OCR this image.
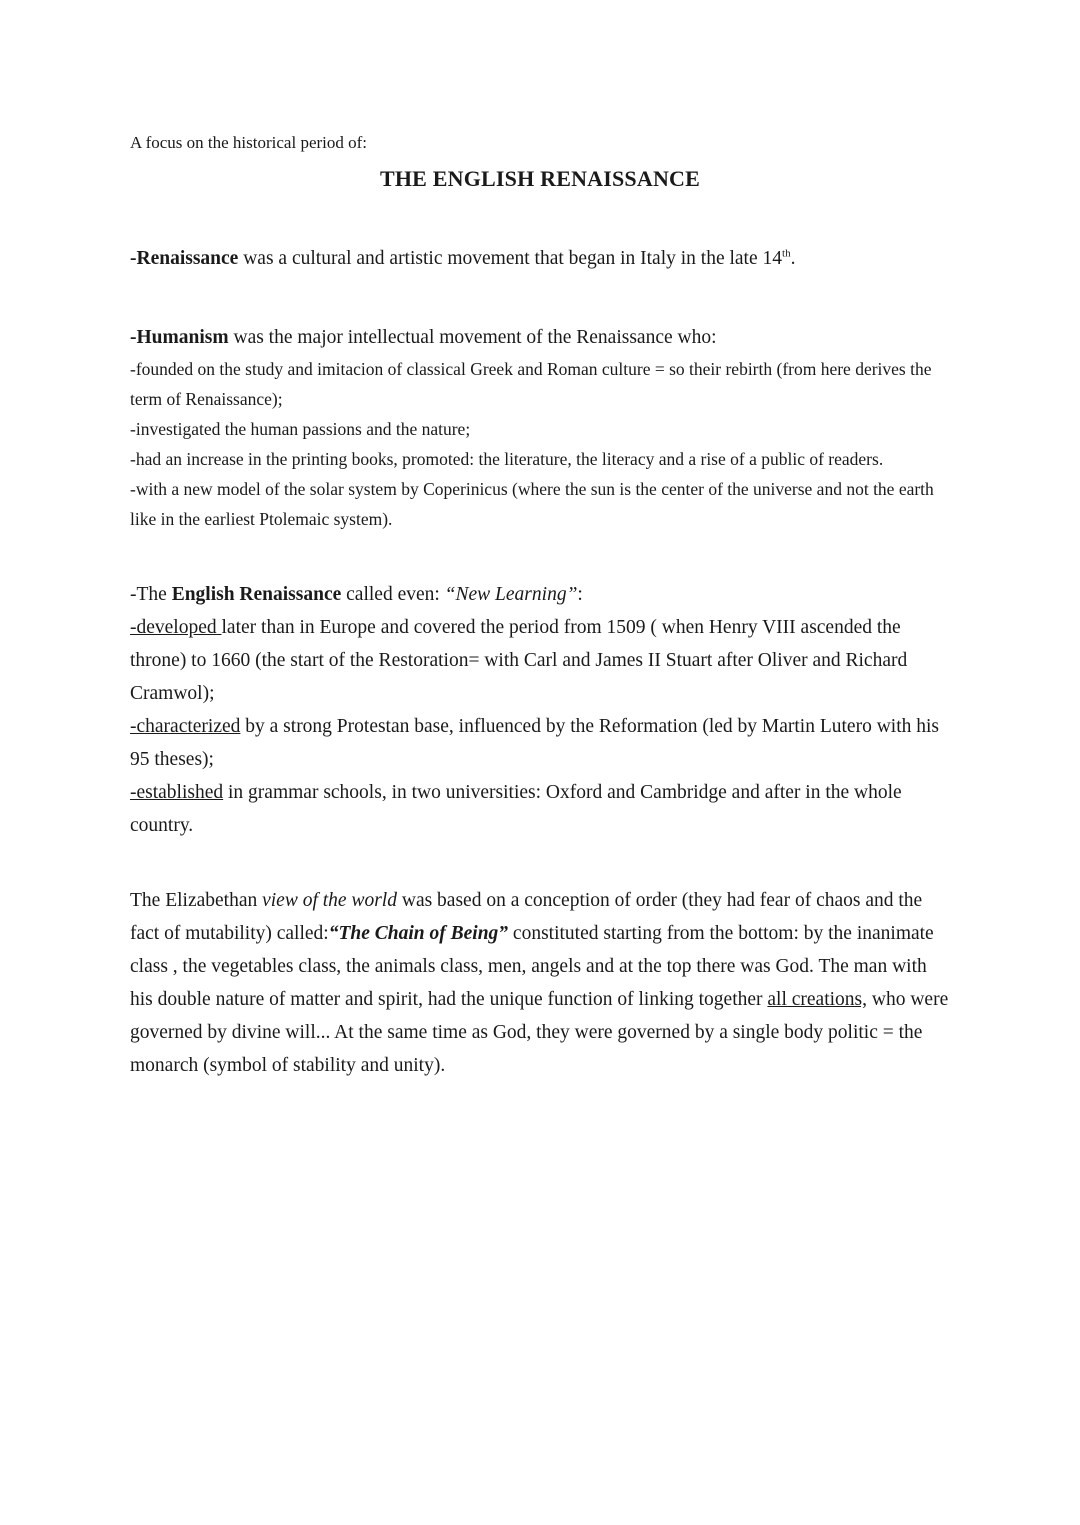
A focus on the historical period of:

THE ENGLISH RENAISSANCE

-Renaissance was a cultural and artistic movement that began in Italy in the late 14th.

-Humanism was the major intellectual movement of the Renaissance who:

-founded on the study and imitacion of classical Greek and Roman culture = so their rebirth (from here derives the term of Renaissance);

-investigated the human passions and the nature;

-had an increase in the printing books, promoted: the literature, the literacy and a rise of a public of readers.

-with a new model of the solar system by Coperinicus (where the sun is the center of the universe and not the earth like in the earliest Ptolemaic system).

-The English Renaissance called even: “New Learning”:

-developed later than in Europe and covered the period from 1509 ( when Henry VIII ascended the throne) to 1660 (the start of the Restoration= with Carl and James II Stuart after Oliver and Richard Cramwol);

-characterized by a strong Protestan base, influenced by the Reformation (led by Martin Lutero with his 95 theses);

-established in grammar schools, in two universities: Oxford and Cambridge and after in the whole country.

The Elizabethan view of the world was based on a conception of order (they had fear of chaos and the fact of mutability) called:“The Chain of Being” constituted starting from the bottom: by the inanimate class , the vegetables class, the animals class, men, angels and at the top there was God. The man with his double nature of matter and spirit, had the unique function of linking together all creations, who were governed by divine will... At the same time as God, they were governed by a single body politic = the monarch (symbol of stability and unity).
